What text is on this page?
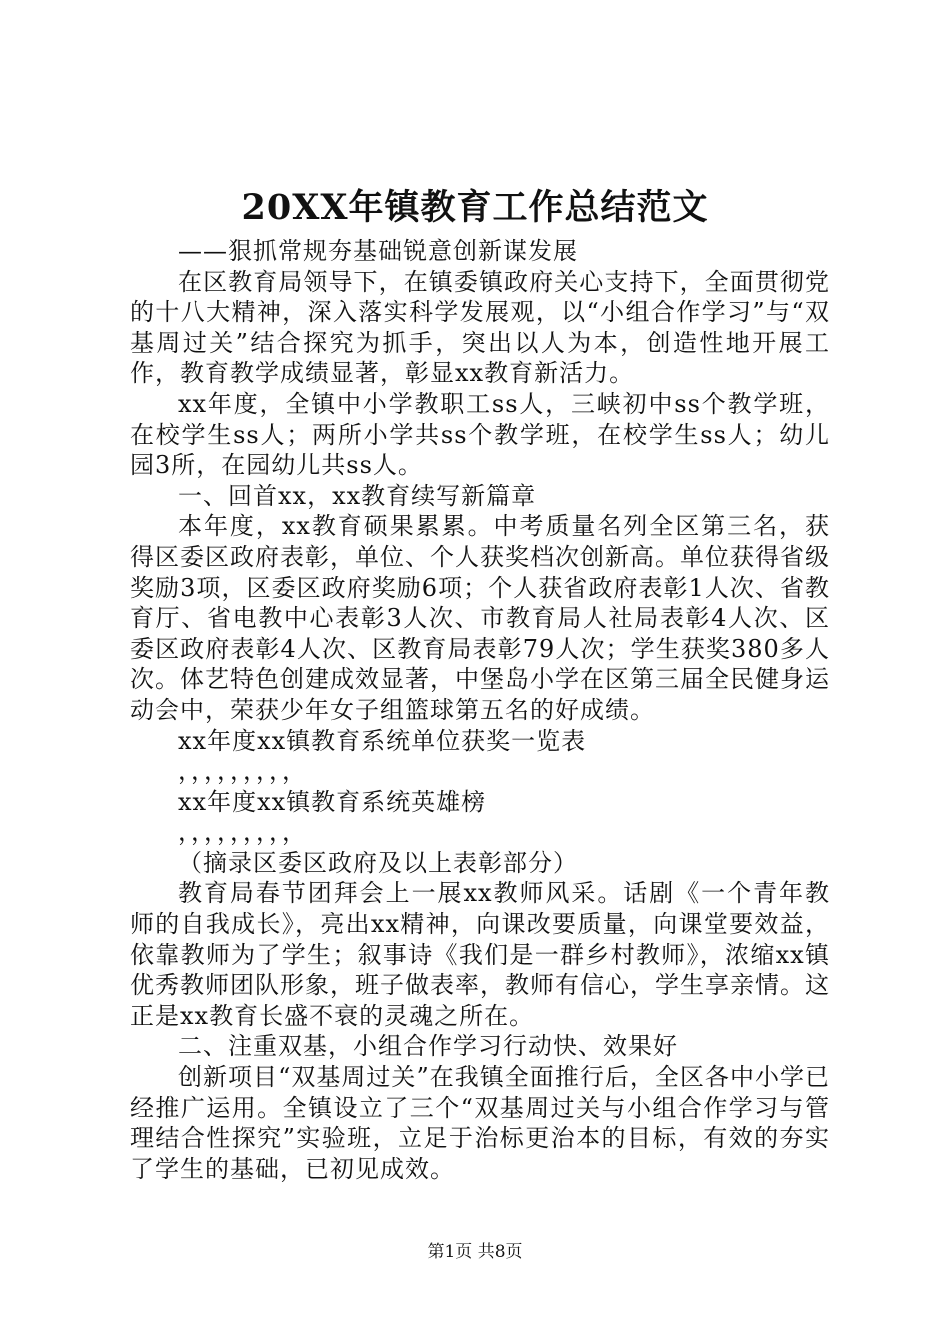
20XX年镇教育工作总结范文

——狠抓常规夯基础锐意创新谋发展

在区教育局领导下，在镇委镇政府关心支持下，全面贯彻党的十八大精神，深入落实科学发展观，以“小组合作学习”与“双基周过关”结合探究为抓手，突出以人为本，创造性地开展工作，教育教学成绩显著，彰显xx教育新活力。

xx年度，全镇中小学教职工ss人，三峡初中ss个教学班，在校学生ss人；两所小学共ss个教学班，在校学生ss人；幼儿园3所，在园幼儿共ss人。

一、回首xx，xx教育续写新篇章

本年度，xx教育硕果累累。中考质量名列全区第三名，获得区委区政府表彰，单位、个人获奖档次创新高。单位获得省级奖励3项，区委区政府奖励6项；个人获省政府表彰1人次、省教育厅、省电教中心表彰3人次、市教育局人社局表彰4人次、区委区政府表彰4人次、区教育局表彰79人次；学生获奖380多人次。体艺特色创建成效显著，中堡岛小学在区第三届全民健身运动会中，荣获少年女子组篮球第五名的好成绩。

xx年度xx镇教育系统单位获奖一览表

，，，，，，，，，

xx年度xx镇教育系统英雄榜

，，，，，，，，，

（摘录区委区政府及以上表彰部分）

教育局春节团拜会上一展xx教师风采。话剧《一个青年教师的自我成长》，亮出xx精神，向课改要质量，向课堂要效益，依靠教师为了学生；叙事诗《我们是一群乡村教师》，浓缩xx镇优秀教师团队形象，班子做表率，教师有信心，学生享亲情。这正是xx教育长盛不衰的灵魂之所在。

二、注重双基，小组合作学习行动快、效果好

创新项目“双基周过关”在我镇全面推行后，全区各中小学已经推广运用。全镇设立了三个“双基周过关与小组合作学习与管理结合性探究”实验班，立足于治标更治本的目标，有效的夯实了学生的基础，已初见成效。

第1页 共8页
